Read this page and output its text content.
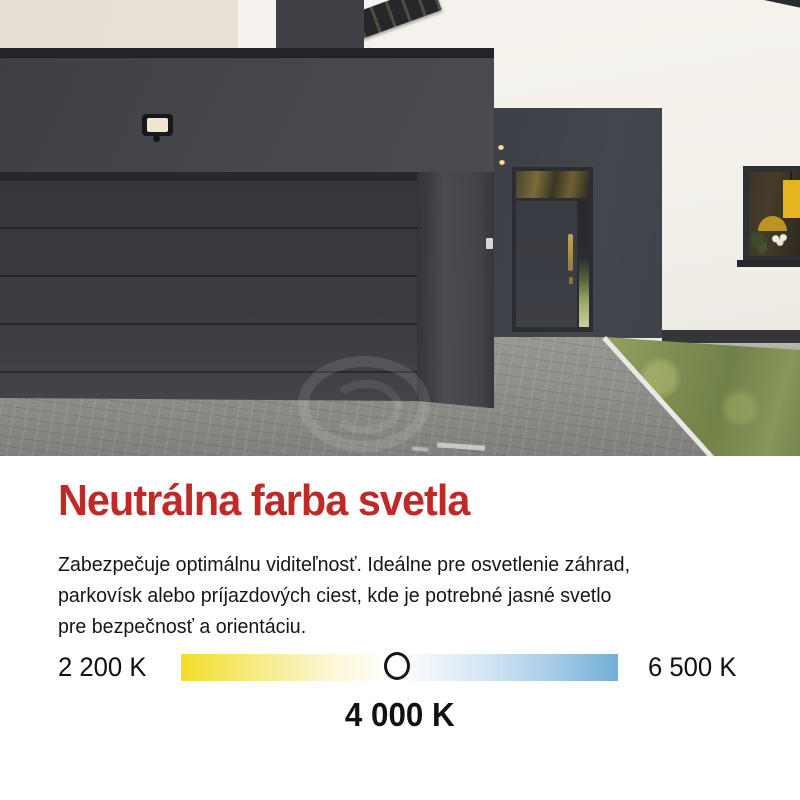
Neutrálna farba svetla
Zabezpečuje optimálnu viditeľnosť. Ideálne pre osvetlenie záhrad,
parkovísk alebo príjazdových ciest, kde je potrebné jasné svetlo
pre bezpečnosť a orientáciu.
2 200 K	6 500 K
4 000 K
